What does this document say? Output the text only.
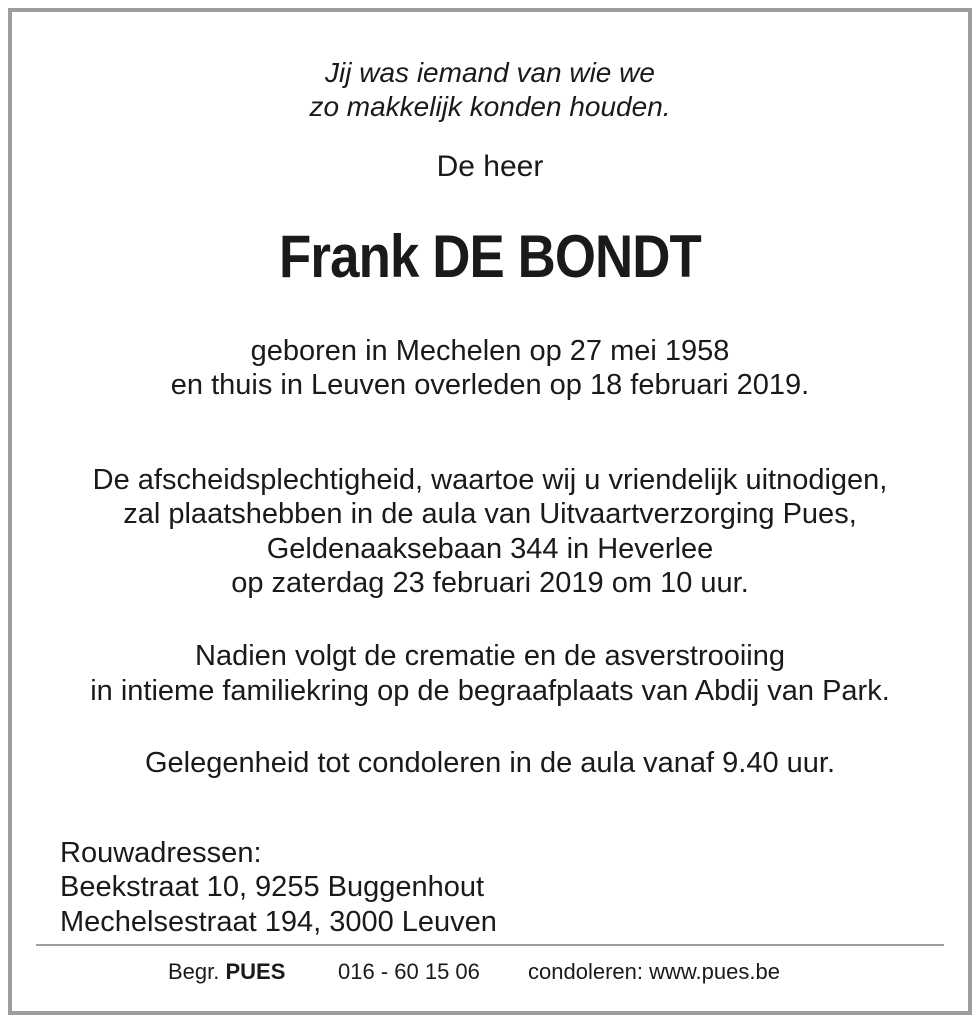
Jij was iemand van wie we
zo makkelijk konden houden.
De heer
Frank DE BONDT
geboren in Mechelen op 27 mei 1958
en thuis in Leuven overleden op 18 februari 2019.
De afscheidsplechtigheid, waartoe wij u vriendelijk uitnodigen,
zal plaatshebben in de aula van Uitvaartverzorging Pues,
Geldenaaksebaan 344 in Heverlee
op zaterdag 23 februari 2019 om 10 uur.
Nadien volgt de crematie en de asverstrooiing
in intieme familiekring op de begraafplaats van Abdij van Park.
Gelegenheid tot condoleren in de aula vanaf 9.40 uur.
Rouwadressen:
Beekstraat 10, 9255 Buggenhout
Mechelsestraat 194, 3000 Leuven
Begr. PUES 016 - 60 15 06 condoleren: www.pues.be
